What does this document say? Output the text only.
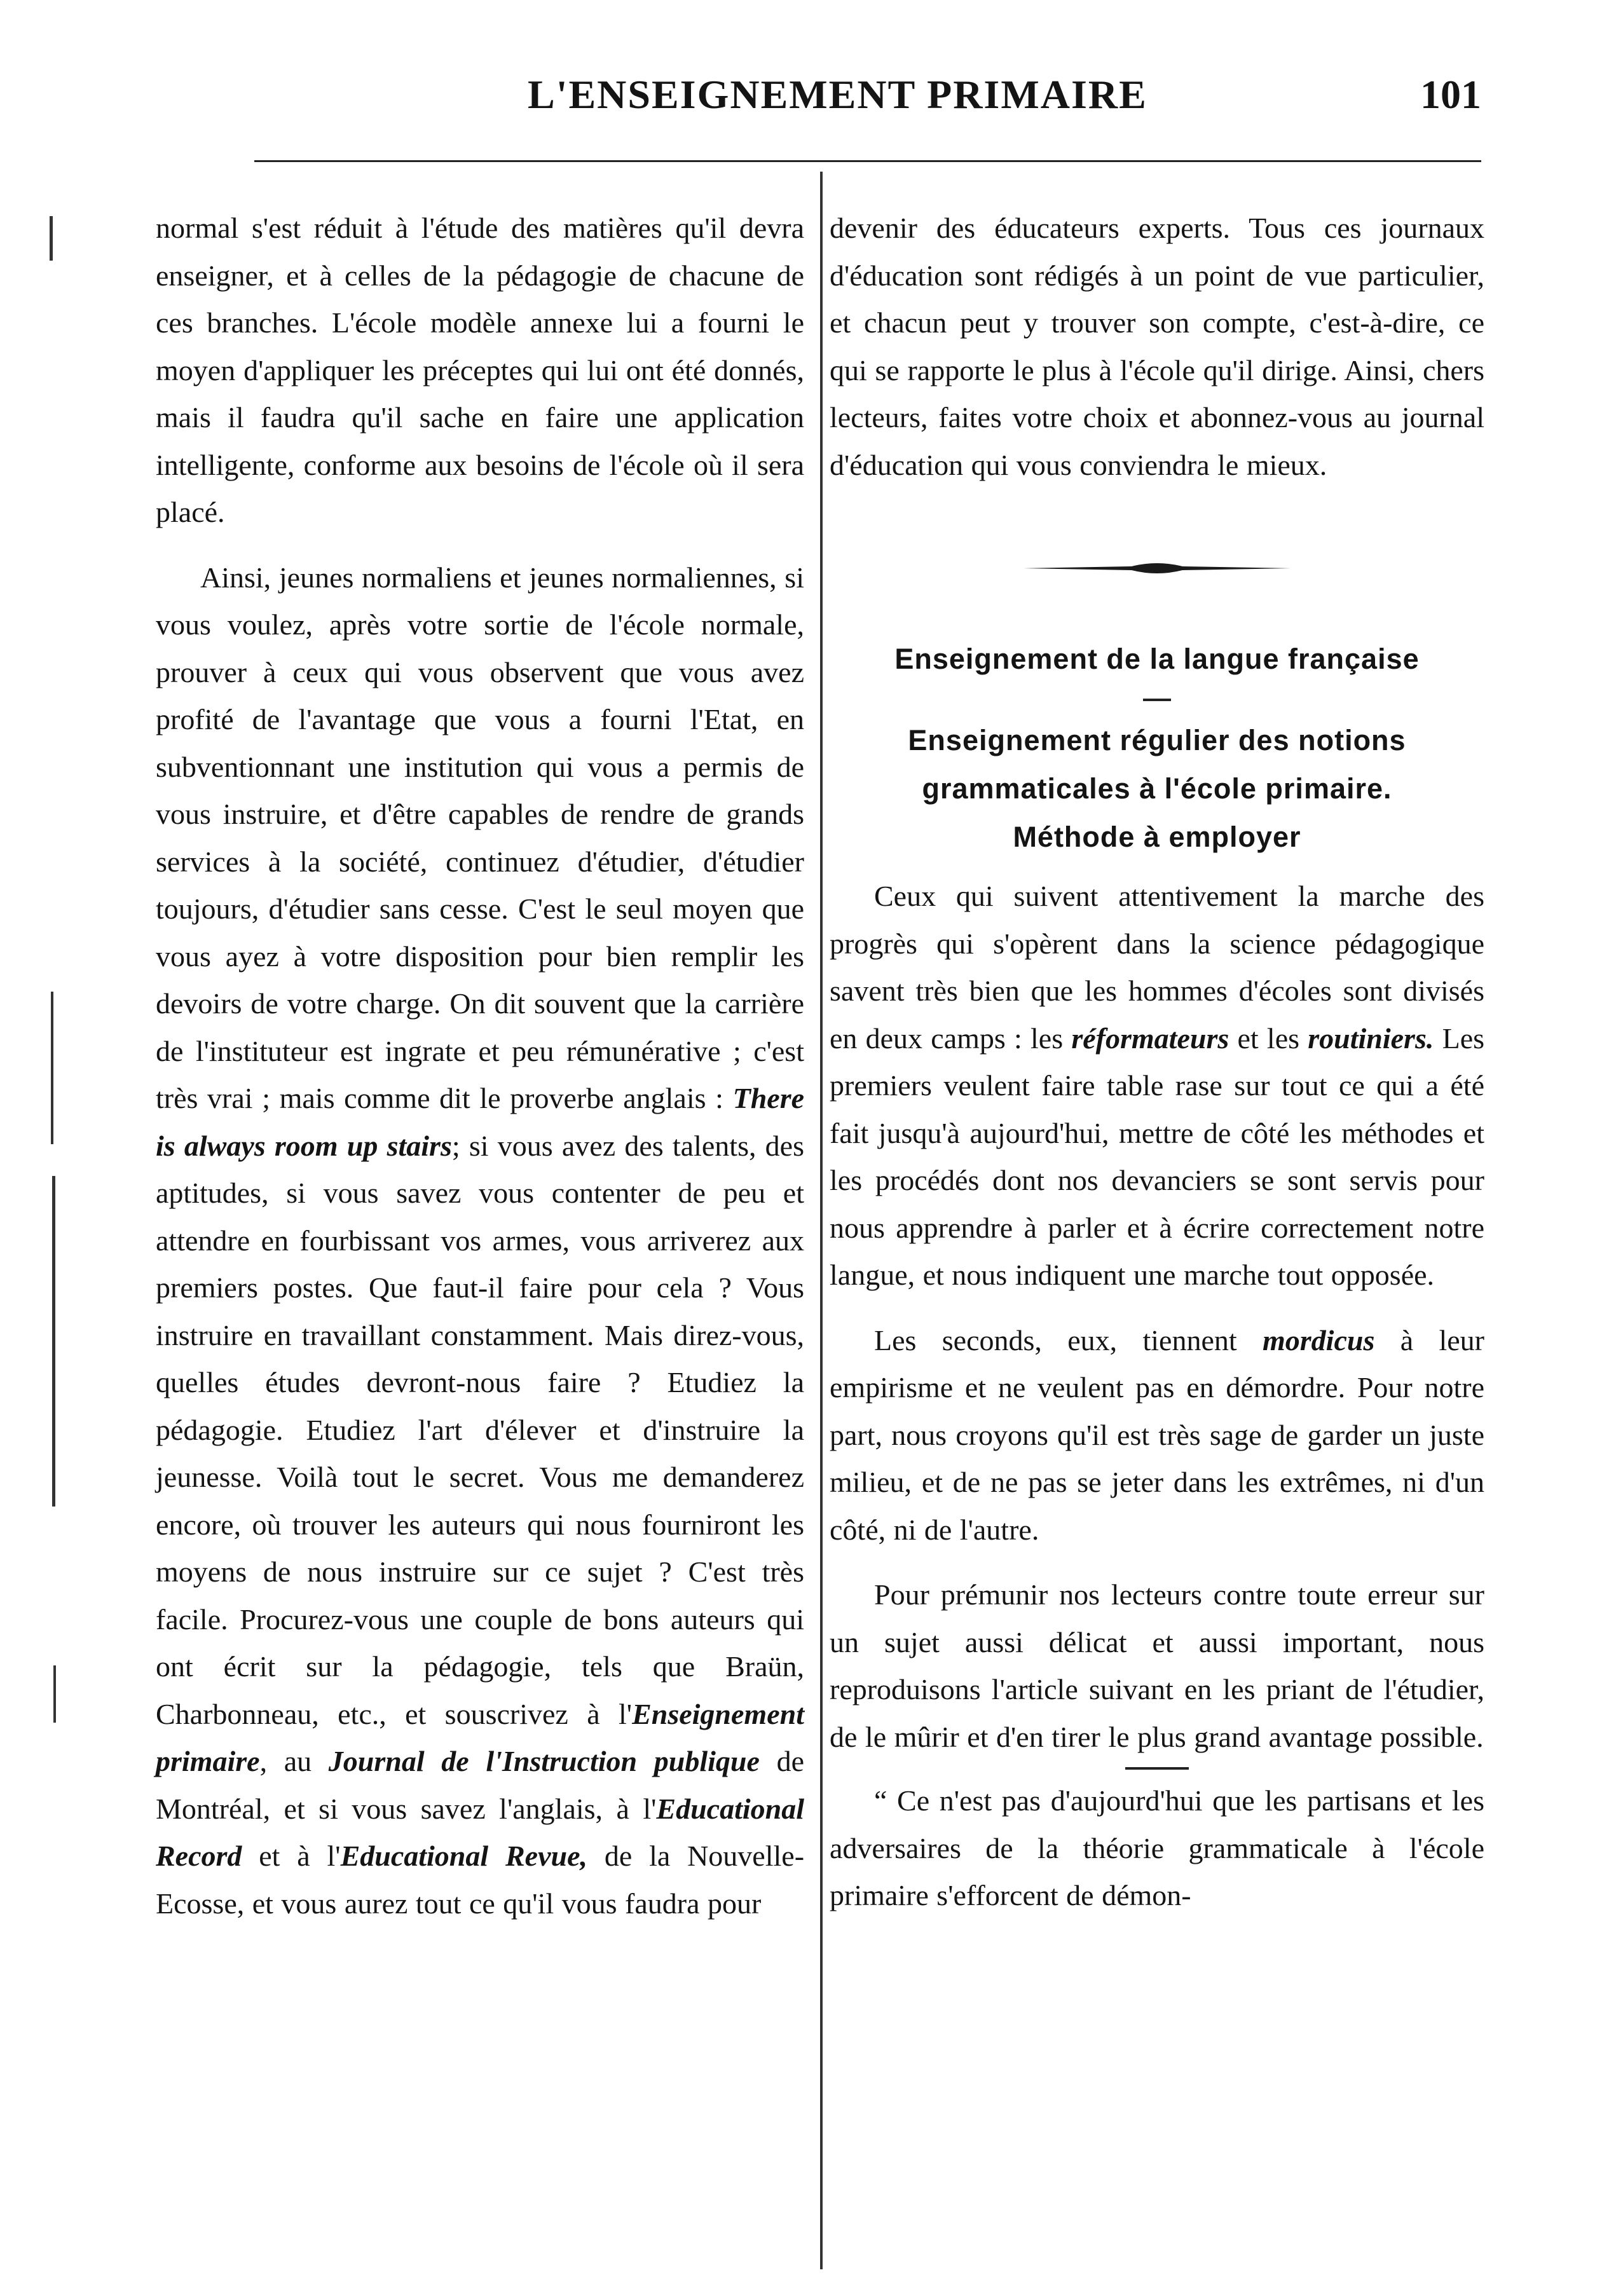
L'ENSEIGNEMENT PRIMAIRE	101

normal s'est réduit à l'étude des matières qu'il devra enseigner, et à celles de la pédagogie de chacune de ces branches. L'école modèle annexe lui a fourni le moyen d'appliquer les préceptes qui lui ont été donnés, mais il faudra qu'il sache en faire une application intelligente, conforme aux besoins de l'école où il sera placé.

Ainsi, jeunes normaliens et jeunes normaliennes, si vous voulez, après votre sortie de l'école normale, prouver à ceux qui vous observent que vous avez profité de l'avantage que vous a fourni l'Etat, en subventionnant une institution qui vous a permis de vous instruire, et d'être capables de rendre de grands services à la société, continuez d'étudier, d'étudier toujours, d'étudier sans cesse. C'est le seul moyen que vous ayez à votre disposition pour bien remplir les devoirs de votre charge. On dit souvent que la carrière de l'instituteur est ingrate et peu rémunérative ; c'est très vrai ; mais comme dit le proverbe anglais : There is always room up stairs; si vous avez des talents, des aptitudes, si vous savez vous contenter de peu et attendre en fourbissant vos armes, vous arriverez aux premiers postes. Que faut-il faire pour cela ? Vous instruire en travaillant constamment. Mais direz-vous, quelles études devront-nous faire ? Etudiez la pédagogie. Etudiez l'art d'élever et d'instruire la jeunesse. Voilà tout le secret. Vous me demanderez encore, où trouver les auteurs qui nous fourniront les moyens de nous instruire sur ce sujet ? C'est très facile. Procurez-vous une couple de bons auteurs qui ont écrit sur la pédagogie, tels que Braün, Charbonneau, etc., et souscrivez à l'Enseignement primaire, au Journal de l'Instruction publique de Montréal, et si vous savez l'anglais, à l'Educational Record et à l'Educational Revue, de la Nouvelle-Ecosse, et vous aurez tout ce qu'il vous faudra pour

devenir des éducateurs experts. Tous ces journaux d'éducation sont rédigés à un point de vue particulier, et chacun peut y trouver son compte, c'est-à-dire, ce qui se rapporte le plus à l'école qu'il dirige. Ainsi, chers lecteurs, faites votre choix et abonnez-vous au journal d'éducation qui vous conviendra le mieux.

Enseignement de la langue française

Enseignement régulier des notions

grammaticales à l'école primaire.

Méthode à employer

Ceux qui suivent attentivement la marche des progrès qui s'opèrent dans la science pédagogique savent très bien que les hommes d'écoles sont divisés en deux camps : les réformateurs et les routiniers. Les premiers veulent faire table rase sur tout ce qui a été fait jusqu'à aujourd'hui, mettre de côté les méthodes et les procédés dont nos devanciers se sont servis pour nous apprendre à parler et à écrire correctement notre langue, et nous indiquent une marche tout opposée.

Les seconds, eux, tiennent mordicus à leur empirisme et ne veulent pas en démordre. Pour notre part, nous croyons qu'il est très sage de garder un juste milieu, et de ne pas se jeter dans les extrêmes, ni d'un côté, ni de l'autre.

Pour prémunir nos lecteurs contre toute erreur sur un sujet aussi délicat et aussi important, nous reproduisons l'article suivant en les priant de l'étudier, de le mûrir et d'en tirer le plus grand avantage possible.

“ Ce n'est pas d'aujourd'hui que les partisans et les adversaires de la théorie grammaticale à l'école primaire s'efforcent de démon-
